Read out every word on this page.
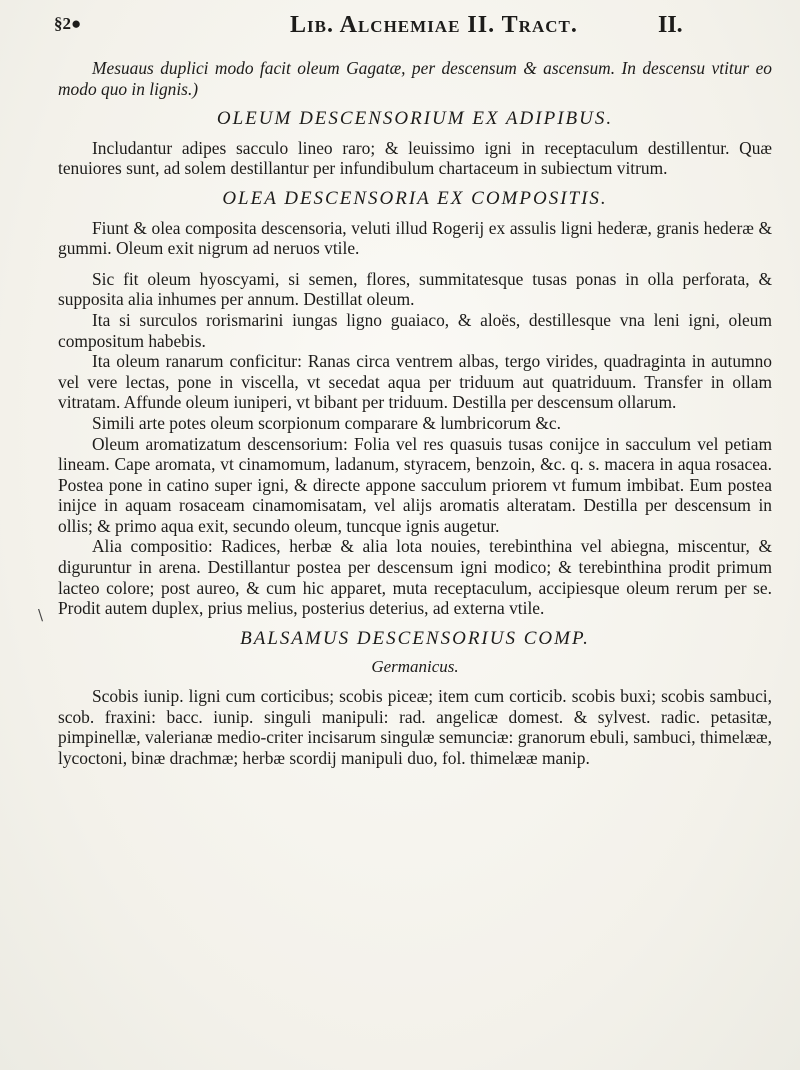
§2●	Lib. Alchemiae II. Tract.	II.
\

Mesuaus duplici modo facit oleum Gagatæ, per descensum & ascensum. In descensu vtitur eo modo quo in lignis.)

OLEUM DESCENSORIUM EX ADIPIBUS.

Includantur adipes sacculo lineo raro; & leuissimo igni in receptaculum destillentur. Quæ tenuiores sunt, ad solem destillantur per infundibulum chartaceum in subiectum vitrum.

OLEA DESCENSORIA EX COMPOSITIS.

Fiunt & olea composita descensoria, veluti illud Rogerij ex assulis ligni hederæ, granis hederæ & gummi. Oleum exit nigrum ad neruos vtile.

Sic fit oleum hyoscyami, si semen, flores, summitatesque tusas ponas in olla perforata, & supposita alia inhumes per annum. Destillat oleum.

Ita si surculos rorismarini iungas ligno guaiaco, & aloës, destillesque vna leni igni, oleum compositum habebis.

Ita oleum ranarum conficitur: Ranas circa ventrem albas, tergo virides, quadraginta in autumno vel vere lectas, pone in viscella, vt secedat aqua per triduum aut quatriduum. Transfer in ollam vitratam. Affunde oleum iuniperi, vt bibant per triduum. Destilla per descensum ollarum.

Simili arte potes oleum scorpionum comparare & lumbricorum &c.

Oleum aromatizatum descensorium: Folia vel res quasuis tusas conijce in sacculum vel petiam lineam. Cape aromata, vt cinamomum, ladanum, styracem, benzoin, &c. q. s. macera in aqua rosacea. Postea pone in catino super igni, & directe appone sacculum priorem vt fumum imbibat. Eum postea inijce in aquam rosaceam cinamomisatam, vel alijs aromatis alteratam. Destilla per descensum in ollis; & primo aqua exit, secundo oleum, tuncque ignis augetur.

Alia compositio: Radices, herbæ & alia lota nouies, terebinthina vel abiegna, miscentur, & diguruntur in arena. Destillantur postea per descensum igni modico; & terebinthina prodit primum lacteo colore; post aureo, & cum hic apparet, muta receptaculum, accipiesque oleum rerum per se. Prodit autem duplex, prius melius, posterius deterius, ad externa vtile.

BALSAMUS DESCENSORIUS COMP.

Germanicus.

Scobis iunip. ligni cum corticibus; scobis piceæ; item cum corticib. scobis buxi; scobis sambuci, scob. fraxini: bacc. iunip. singuli manipuli: rad. angelicæ domest. & sylvest. radic. petasitæ, pimpinellæ, valerianæ medio-criter incisarum singulæ semunciæ: granorum ebuli, sambuci, thimelææ, lycoctoni, binæ drachmæ; herbæ scordij manipuli duo, fol. thimelææ manip.
